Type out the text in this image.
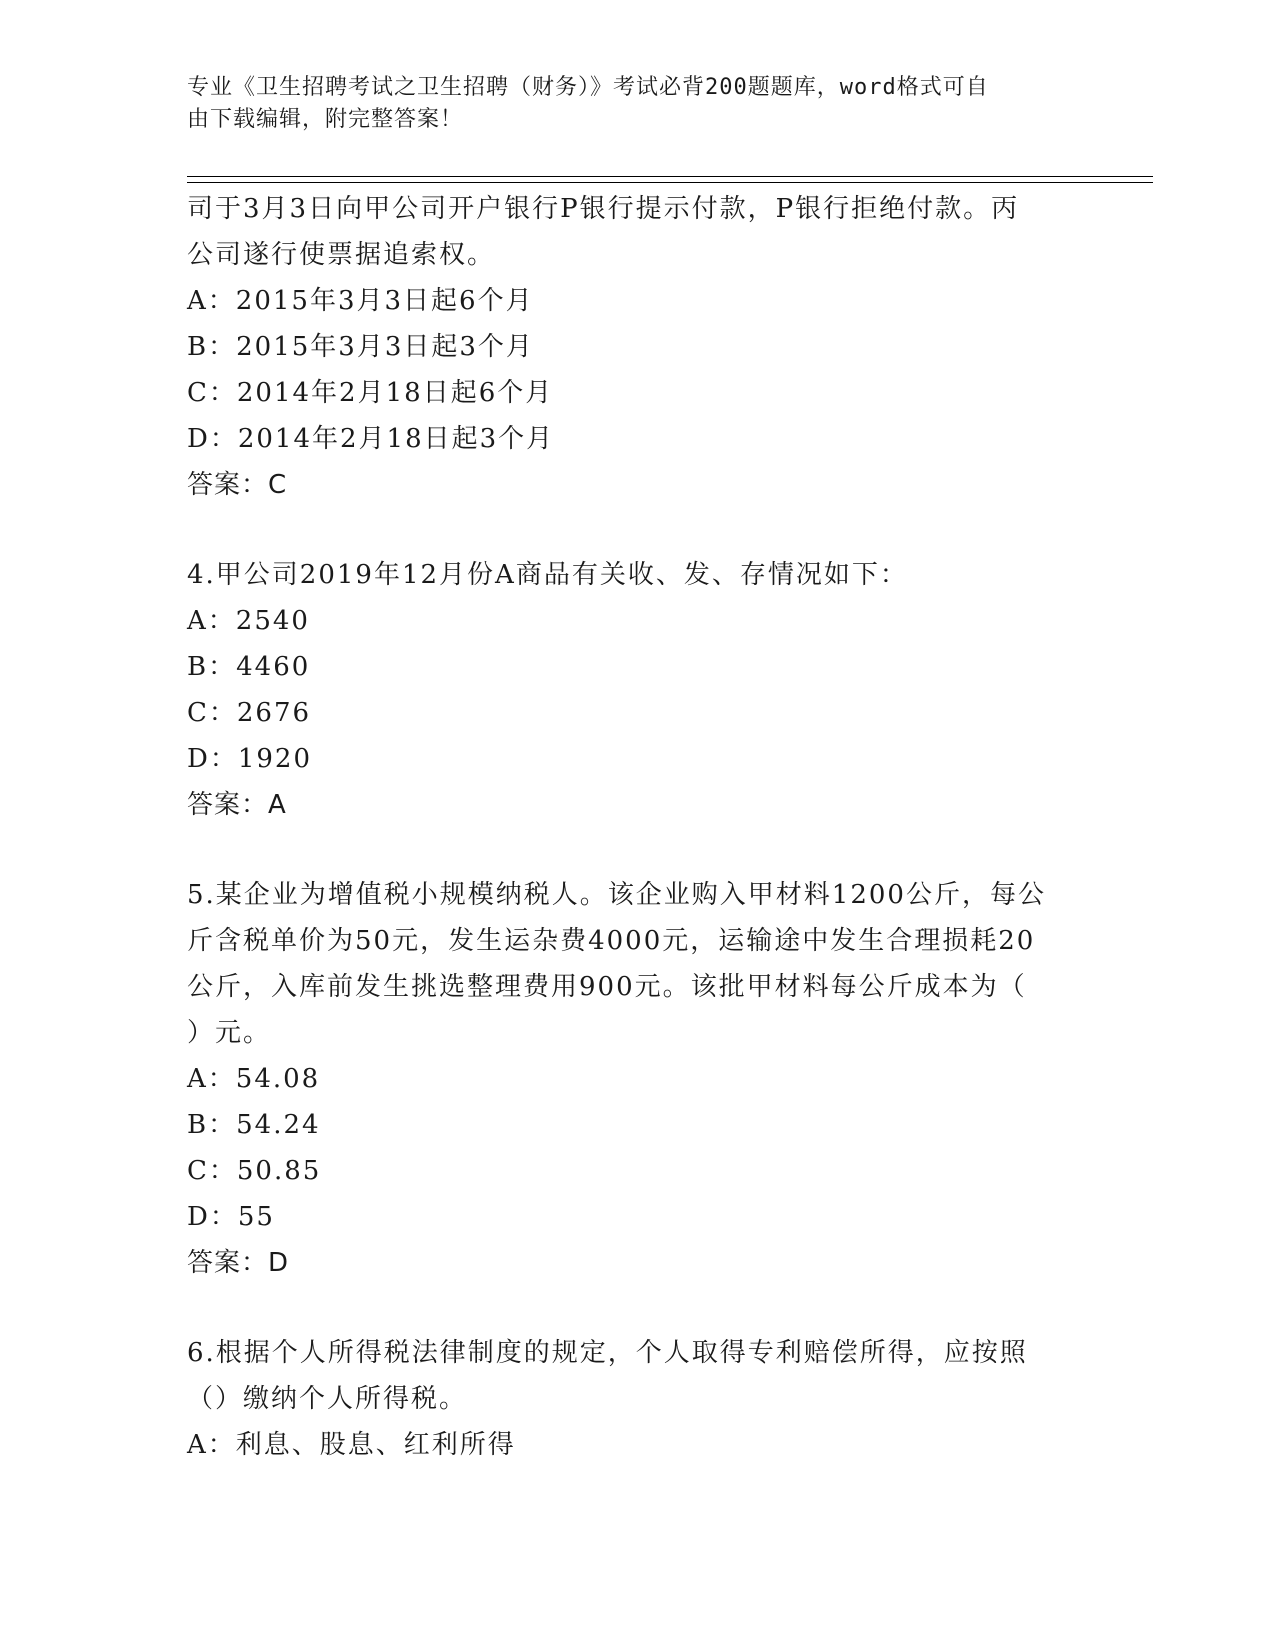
专业《卫生招聘考试之卫生招聘（财务）》考试必背200题题库，word格式可自
由下载编辑，附完整答案！
司于3月3日向甲公司开户银行P银行提示付款，P银行拒绝付款。丙
公司遂行使票据追索权。
A：2015年3月3日起6个月
B：2015年3月3日起3个月
C：2014年2月18日起6个月
D：2014年2月18日起3个月
答案：C
4.甲公司2019年12月份A商品有关收、发、存情况如下：
A：2540
B：4460
C：2676
D：1920
答案：A
5.某企业为增值税小规模纳税人。该企业购入甲材料1200公斤，每公
斤含税单价为50元，发生运杂费4000元，运输途中发生合理损耗20
公斤，入库前发生挑选整理费用900元。该批甲材料每公斤成本为（
）元。
A：54.08
B：54.24
C：50.85
D：55
答案：D
6.根据个人所得税法律制度的规定，个人取得专利赔偿所得，应按照
（）缴纳个人所得税。
A：利息、股息、红利所得
